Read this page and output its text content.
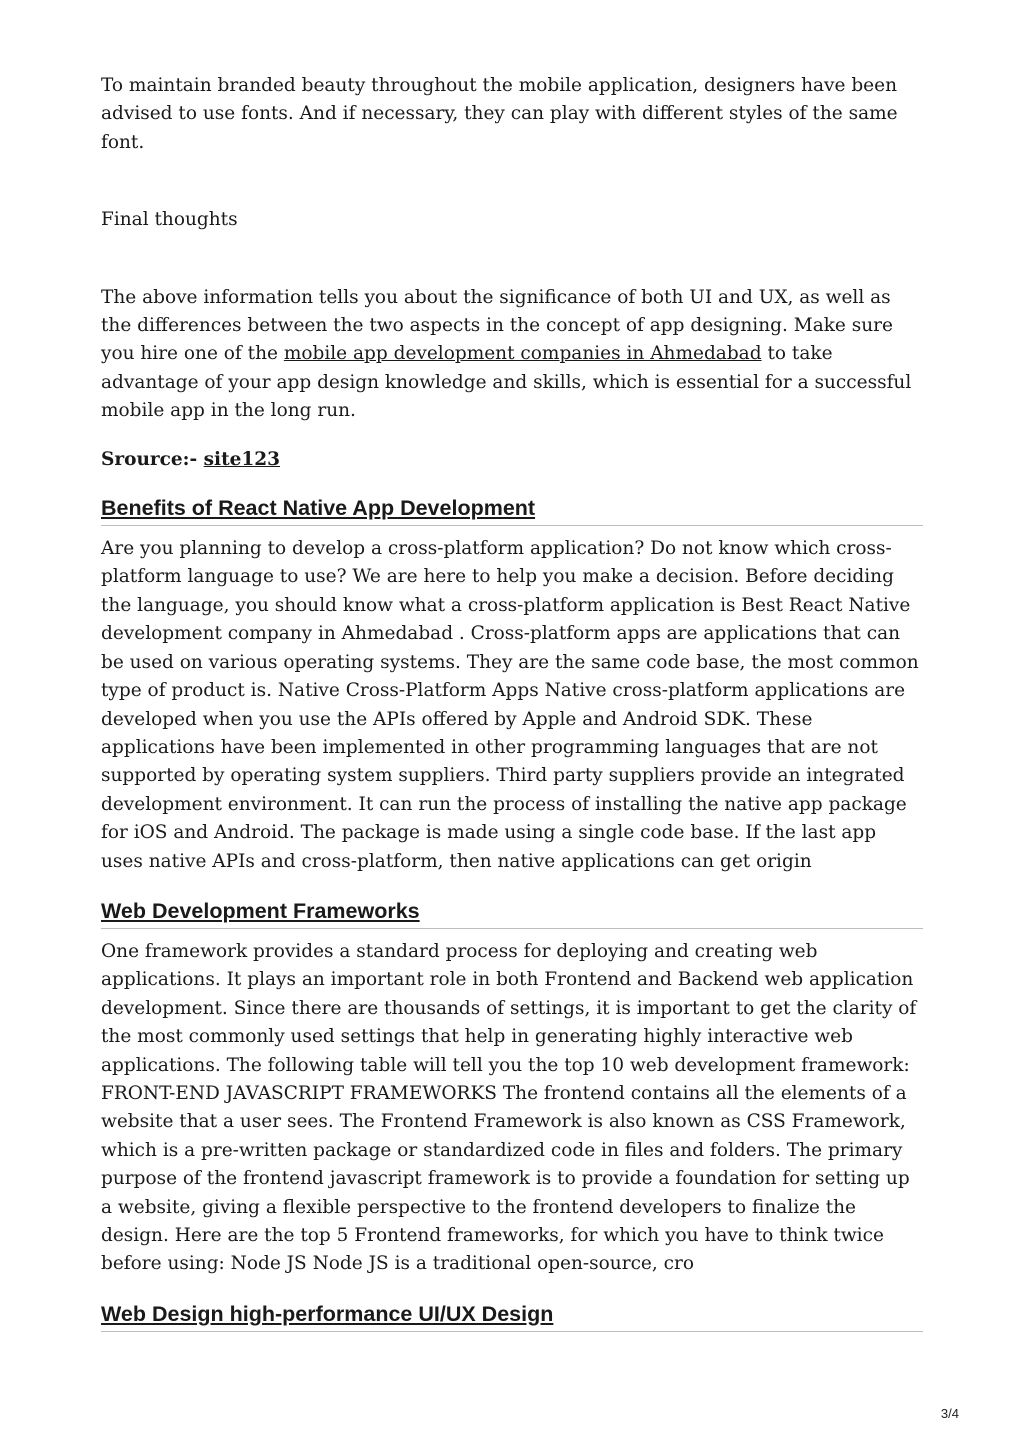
To maintain branded beauty throughout the mobile application, designers have been advised to use fonts. And if necessary, they can play with different styles of the same font.

Final thoughts

The above information tells you about the significance of both UI and UX, as well as the differences between the two aspects in the concept of app designing. Make sure you hire one of the mobile app development companies in Ahmedabad to take advantage of your app design knowledge and skills, which is essential for a successful mobile app in the long run.

Srource:- site123

Benefits of React Native App Development

Are you planning to develop a cross-platform application? Do not know which cross-platform language to use? We are here to help you make a decision. Before deciding the language, you should know what a cross-platform application is Best React Native development company in Ahmedabad . Cross-platform apps are applications that can be used on various operating systems. They are the same code base, the most common type of product is. Native Cross-Platform Apps Native cross-platform applications are developed when you use the APIs offered by Apple and Android SDK. These applications have been implemented in other programming languages that are not supported by operating system suppliers. Third party suppliers provide an integrated development environment. It can run the process of installing the native app package for iOS and Android. The package is made using a single code base. If the last app uses native APIs and cross-platform, then native applications can get origin

Web Development Frameworks

One framework provides a standard process for deploying and creating web applications. It plays an important role in both Frontend and Backend web application development. Since there are thousands of settings, it is important to get the clarity of the most commonly used settings that help in generating highly interactive web applications. The following table will tell you the top 10 web development framework: FRONT-END JAVASCRIPT FRAMEWORKS The frontend contains all the elements of a website that a user sees. The Frontend Framework is also known as CSS Framework, which is a pre-written package or standardized code in files and folders. The primary purpose of the frontend javascript framework is to provide a foundation for setting up a website, giving a flexible perspective to the frontend developers to finalize the design. Here are the top 5 Frontend frameworks, for which you have to think twice before using: Node JS Node JS is a traditional open-source, cro

Web Design high-performance UI/UX Design
3/4
